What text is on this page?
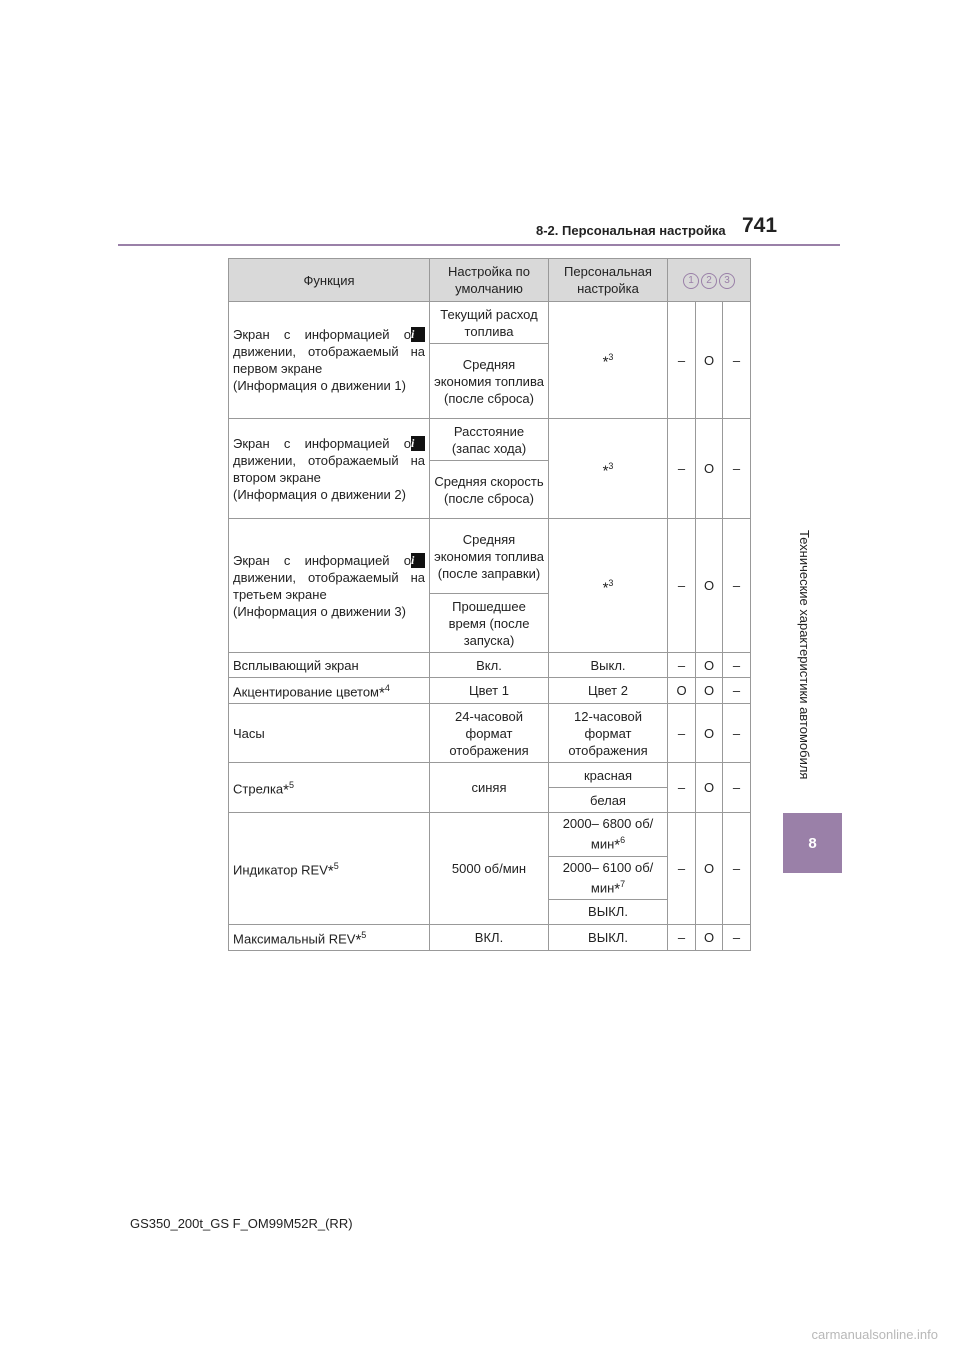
8-2. Персональная настройка 741
8
Технические характеристики автомобиля
Функция	Настройка по умолчанию	Персональная настройка	1 2 3		

i
Экран с информацией о движении, отображаемый на первом экране
(Информация о движении 1)	Текущий расход топлива	*$^3$	–	O	–
	Средняя экономия топлива (после сброса)				

i
Экран с информацией о движении, отображаемый на втором экране
(Информация о движении 2)	Расстояние (запас хода)	*$^3$	–	O	–
	Средняя скорость (после сброса)				

i
Экран с информацией о движении, отображаемый на третьем экране
(Информация о движении 3)	Средняя экономия топлива (после заправки)	*$^3$	–	O	–
	Прошедшее время (после запуска)				
Всплывающий экран	Вкл.	Выкл.	–	O	–
Акцентирование цветом*$^4$	Цвет 1	Цвет 2	O	O	–
Часы	24-часовой формат отображения	12-часовой формат отображения	–	O	–
Стрелка*$^5$	синяя	красная	–	O	–
		белая			
Индикатор REV*$^5$	5000 об/мин	2000– 6800 об/мин*$^6$	–	O	–
		2000– 6100 об/мин*$^7$
		ВЫКЛ.			
Максимальный REV*$^5$	ВКЛ.	ВЫКЛ.	–	O	–
GS350_200t_GS F_OM99M52R_(RR)
carmanualsonline.info
